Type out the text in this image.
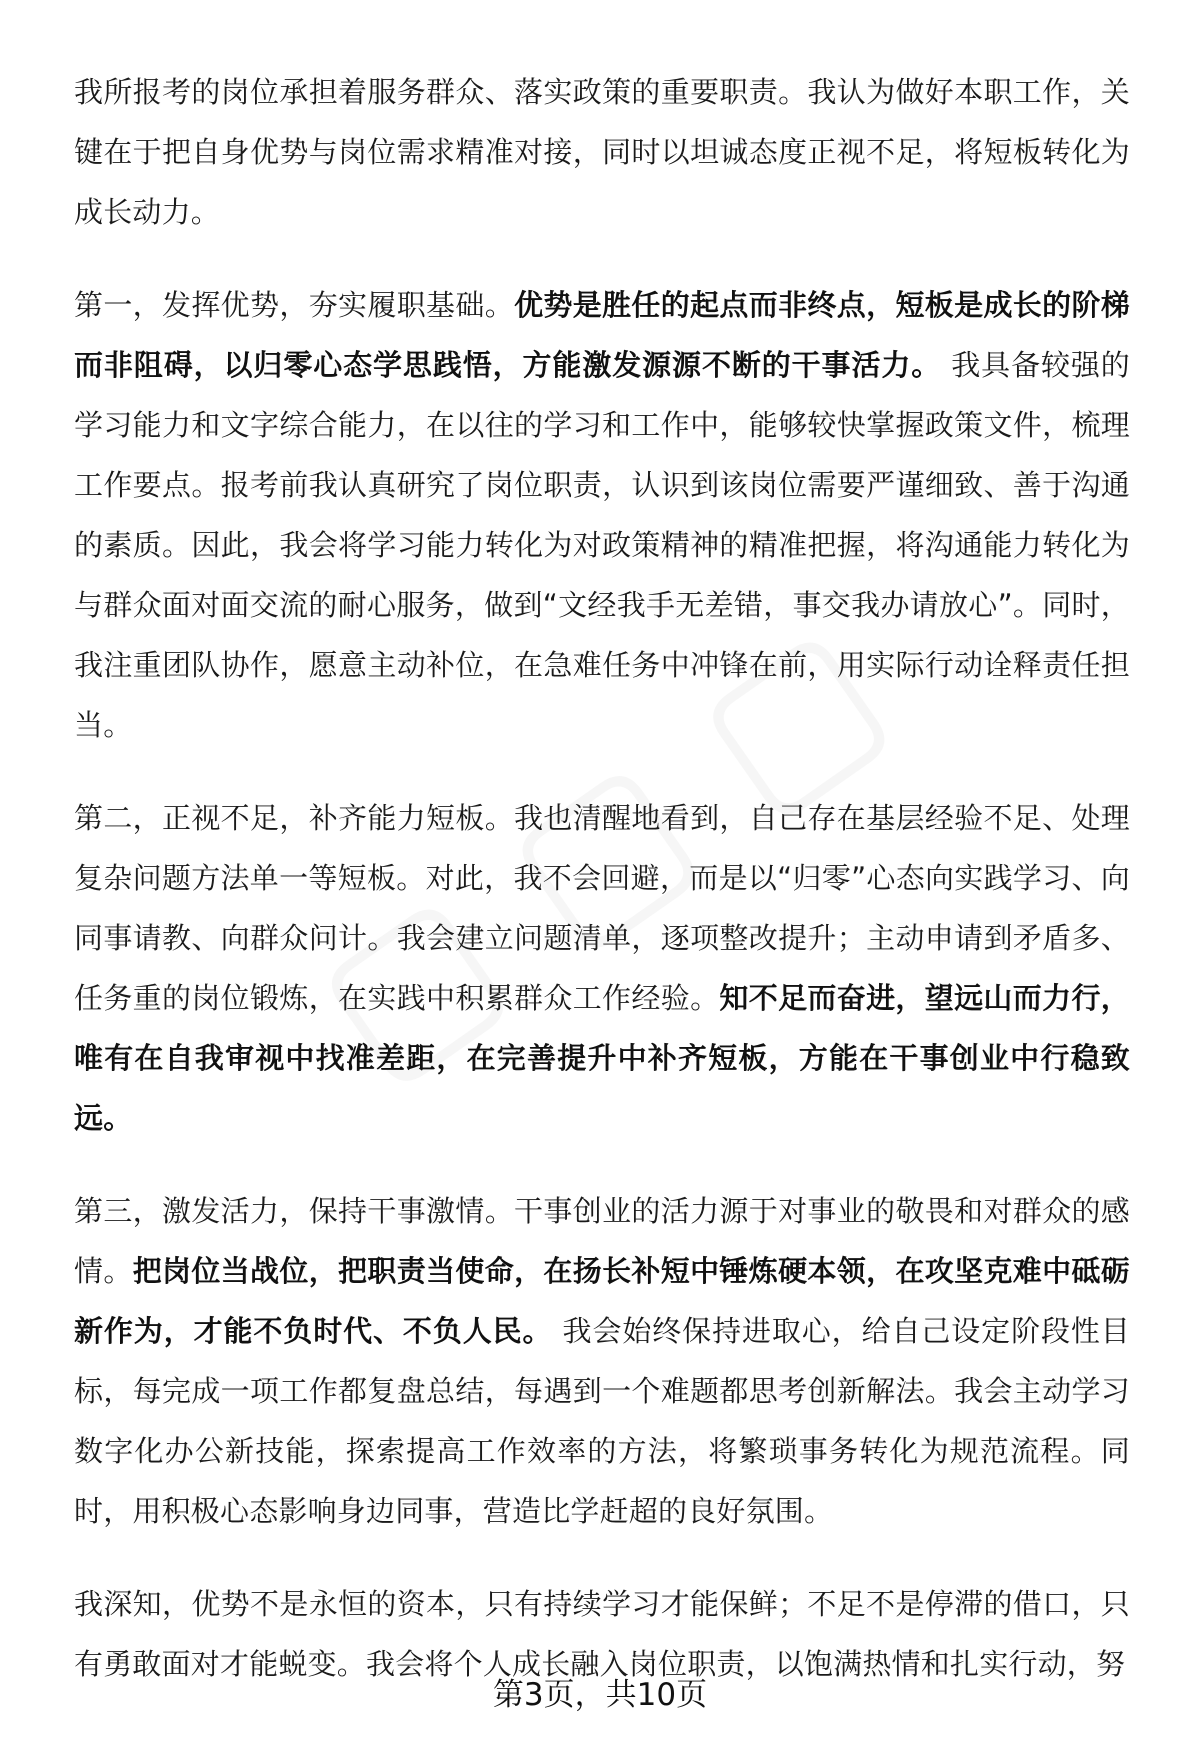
我所报考的岗位承担着服务群众、落实政策的重要职责。我认为做好本职工作，关键在于把自身优势与岗位需求精准对接，同时以坦诚态度正视不足，将短板转化为成长动力。

第一，发挥优势，夯实履职基础。优势是胜任的起点而非终点，短板是成长的阶梯而非阻碍，以归零心态学思践悟，方能激发源源不断的干事活力。 我具备较强的学习能力和文字综合能力，在以往的学习和工作中，能够较快掌握政策文件，梳理工作要点。报考前我认真研究了岗位职责，认识到该岗位需要严谨细致、善于沟通的素质。因此，我会将学习能力转化为对政策精神的精准把握，将沟通能力转化为与群众面对面交流的耐心服务，做到“文经我手无差错，事交我办请放心”。同时，我注重团队协作，愿意主动补位，在急难任务中冲锋在前，用实际行动诠释责任担当。

第二，正视不足，补齐能力短板。我也清醒地看到，自己存在基层经验不足、处理复杂问题方法单一等短板。对此，我不会回避，而是以“归零”心态向实践学习、向同事请教、向群众问计。我会建立问题清单，逐项整改提升；主动申请到矛盾多、任务重的岗位锻炼，在实践中积累群众工作经验。知不足而奋进，望远山而力行，唯有在自我审视中找准差距，在完善提升中补齐短板，方能在干事创业中行稳致远。

第三，激发活力，保持干事激情。干事创业的活力源于对事业的敬畏和对群众的感情。把岗位当战位，把职责当使命，在扬长补短中锤炼硬本领，在攻坚克难中砥砺新作为，才能不负时代、不负人民。 我会始终保持进取心，给自己设定阶段性目标，每完成一项工作都复盘总结，每遇到一个难题都思考创新解法。我会主动学习数字化办公新技能，探索提高工作效率的方法，将繁琐事务转化为规范流程。同时，用积极心态影响身边同事，营造比学赶超的良好氛围。

我深知，优势不是永恒的资本，只有持续学习才能保鲜；不足不是停滞的借口，只有勇敢面对才能蜕变。我会将个人成长融入岗位职责，以饱满热情和扎实行动，努

第3页，共10页
